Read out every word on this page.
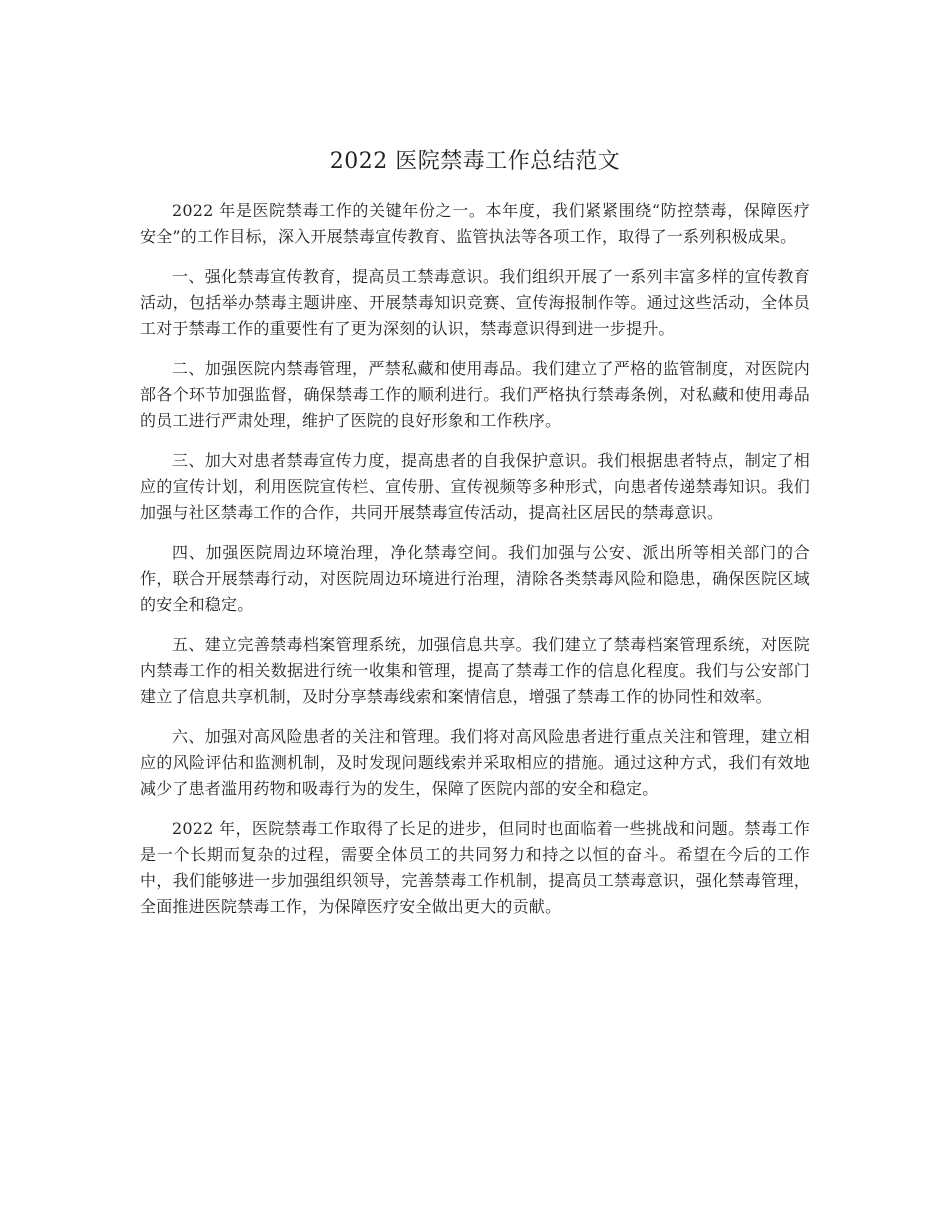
2022 医院禁毒工作总结范文

2022 年是医院禁毒工作的关键年份之一。本年度，我们紧紧围绕“防控禁毒，保障医疗安全”的工作目标，深入开展禁毒宣传教育、监管执法等各项工作，取得了一系列积极成果。

一、强化禁毒宣传教育，提高员工禁毒意识。我们组织开展了一系列丰富多样的宣传教育活动，包括举办禁毒主题讲座、开展禁毒知识竞赛、宣传海报制作等。通过这些活动，全体员工对于禁毒工作的重要性有了更为深刻的认识，禁毒意识得到进一步提升。

二、加强医院内禁毒管理，严禁私藏和使用毒品。我们建立了严格的监管制度，对医院内部各个环节加强监督，确保禁毒工作的顺利进行。我们严格执行禁毒条例，对私藏和使用毒品的员工进行严肃处理，维护了医院的良好形象和工作秩序。

三、加大对患者禁毒宣传力度，提高患者的自我保护意识。我们根据患者特点，制定了相应的宣传计划，利用医院宣传栏、宣传册、宣传视频等多种形式，向患者传递禁毒知识。我们加强与社区禁毒工作的合作，共同开展禁毒宣传活动，提高社区居民的禁毒意识。

四、加强医院周边环境治理，净化禁毒空间。我们加强与公安、派出所等相关部门的合作，联合开展禁毒行动，对医院周边环境进行治理，清除各类禁毒风险和隐患，确保医院区域的安全和稳定。

五、建立完善禁毒档案管理系统，加强信息共享。我们建立了禁毒档案管理系统，对医院内禁毒工作的相关数据进行统一收集和管理，提高了禁毒工作的信息化程度。我们与公安部门建立了信息共享机制，及时分享禁毒线索和案情信息，增强了禁毒工作的协同性和效率。

六、加强对高风险患者的关注和管理。我们将对高风险患者进行重点关注和管理，建立相应的风险评估和监测机制，及时发现问题线索并采取相应的措施。通过这种方式，我们有效地减少了患者滥用药物和吸毒行为的发生，保障了医院内部的安全和稳定。

2022 年，医院禁毒工作取得了长足的进步，但同时也面临着一些挑战和问题。禁毒工作是一个长期而复杂的过程，需要全体员工的共同努力和持之以恒的奋斗。希望在今后的工作中，我们能够进一步加强组织领导，完善禁毒工作机制，提高员工禁毒意识，强化禁毒管理，全面推进医院禁毒工作，为保障医疗安全做出更大的贡献。
